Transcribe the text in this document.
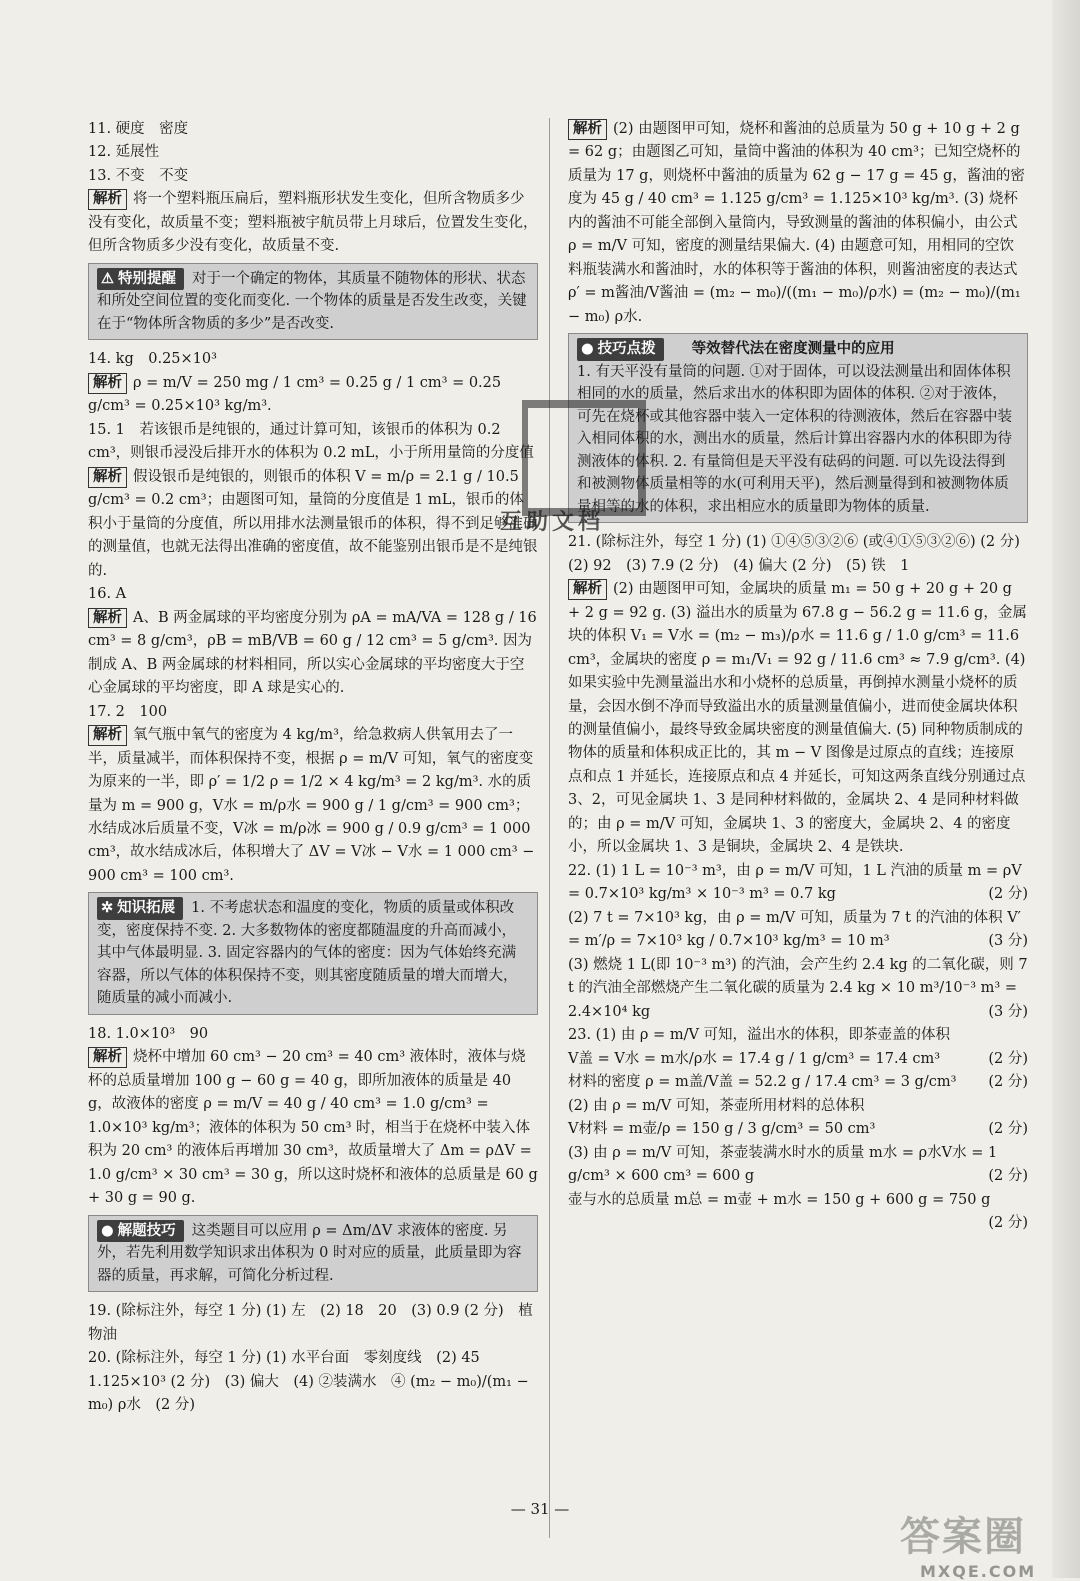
11. 硬度　密度

12. 延展性

13. 不变　不变

解析 将一个塑料瓶压扁后，塑料瓶形状发生变化，但所含物质多少没有变化，故质量不变；塑料瓶被宇航员带上月球后，位置发生变化，但所含物质多少没有变化，故质量不变.

⚠ 特别提醒 对于一个确定的物体，其质量不随物体的形状、状态和所处空间位置的变化而变化. 一个物体的质量是否发生改变，关键在于“物体所含物质的多少”是否改变.

14. kg　0.25×10³

解析 ρ = m/V = 250 mg / 1 cm³ = 0.25 g / 1 cm³ = 0.25 g/cm³ = 0.25×10³ kg/m³.

15. 1　若该银币是纯银的，通过计算可知，该银币的体积为 0.2 cm³，则银币浸没后排开水的体积为 0.2 mL，小于所用量筒的分度值

解析 假设银币是纯银的，则银币的体积 V = m/ρ = 2.1 g / 10.5 g/cm³ = 0.2 cm³；由题图可知，量筒的分度值是 1 mL，银币的体积小于量筒的分度值，所以用排水法测量银币的体积，得不到足够准确的测量值，也就无法得出准确的密度值，故不能鉴别出银币是不是纯银的.

16. A

解析 A、B 两金属球的平均密度分别为 ρA = mA/VA = 128 g / 16 cm³ = 8 g/cm³，ρB = mB/VB = 60 g / 12 cm³ = 5 g/cm³. 因为制成 A、B 两金属球的材料相同，所以实心金属球的平均密度大于空心金属球的平均密度，即 A 球是实心的.

17. 2　100

解析 氧气瓶中氧气的密度为 4 kg/m³，给急救病人供氧用去了一半，质量减半，而体积保持不变，根据 ρ = m/V 可知，氧气的密度变为原来的一半，即 ρ′ = 1/2 ρ = 1/2 × 4 kg/m³ = 2 kg/m³. 水的质量为 m = 900 g，V水 = m/ρ水 = 900 g / 1 g/cm³ = 900 cm³；水结成冰后质量不变，V冰 = m/ρ冰 = 900 g / 0.9 g/cm³ = 1 000 cm³，故水结成冰后，体积增大了 ΔV = V冰 − V水 = 1 000 cm³ − 900 cm³ = 100 cm³.

✲ 知识拓展 1. 不考虑状态和温度的变化，物质的质量或体积改变，密度保持不变. 2. 大多数物体的密度都随温度的升高而减小，其中气体最明显. 3. 固定容器内的气体的密度：因为气体始终充满容器，所以气体的体积保持不变，则其密度随质量的增大而增大，随质量的减小而减小.

18. 1.0×10³　90

解析 烧杯中增加 60 cm³ − 20 cm³ = 40 cm³ 液体时，液体与烧杯的总质量增加 100 g − 60 g = 40 g，即所加液体的质量是 40 g，故液体的密度 ρ = m/V = 40 g / 40 cm³ = 1.0 g/cm³ = 1.0×10³ kg/m³；液体的体积为 50 cm³ 时，相当于在烧杯中装入体积为 20 cm³ 的液体后再增加 30 cm³，故质量增大了 Δm = ρΔV = 1.0 g/cm³ × 30 cm³ = 30 g，所以这时烧杯和液体的总质量是 60 g + 30 g = 90 g.

● 解题技巧 这类题目可以应用 ρ = Δm/ΔV 求液体的密度. 另外，若先利用数学知识求出体积为 0 时对应的质量，此质量即为容器的质量，再求解，可简化分析过程.

19. (除标注外，每空 1 分) (1) 左　(2) 18　20　(3) 0.9 (2 分)　植物油

20. (除标注外，每空 1 分) (1) 水平台面　零刻度线　(2) 45　1.125×10³ (2 分)　(3) 偏大　(4) ②装满水　④ (m₂ − m₀)/(m₁ − m₀) ρ水　(2 分)

解析 (2) 由题图甲可知，烧杯和酱油的总质量为 50 g + 10 g + 2 g = 62 g；由题图乙可知，量筒中酱油的体积为 40 cm³；已知空烧杯的质量为 17 g，则烧杯中酱油的质量为 62 g − 17 g = 45 g，酱油的密度为 45 g / 40 cm³ = 1.125 g/cm³ = 1.125×10³ kg/m³. (3) 烧杯内的酱油不可能全部倒入量筒内，导致测量的酱油的体积偏小，由公式 ρ = m/V 可知，密度的测量结果偏大. (4) 由题意可知，用相同的空饮料瓶装满水和酱油时，水的体积等于酱油的体积，则酱油密度的表达式 ρ′ = m酱油/V酱油 = (m₂ − m₀)/((m₁ − m₀)/ρ水) = (m₂ − m₀)/(m₁ − m₀) ρ水.

● 技巧点拨 等效替代法在密度测量中的应用
1. 有天平没有量筒的问题. ①对于固体，可以设法测量出和固体体积相同的水的质量，然后求出水的体积即为固体的体积. ②对于液体，可先在烧杯或其他容器中装入一定体积的待测液体，然后在容器中装入相同体积的水，测出水的质量，然后计算出容器内水的体积即为待测液体的体积. 2. 有量筒但是天平没有砝码的问题. 可以先设法得到和被测物体质量相等的水(可利用天平)，然后测量得到和被测物体质量相等的水的体积，求出相应水的质量即为物体的质量.

21. (除标注外，每空 1 分) (1) ①④⑤③②⑥ (或④①⑤③②⑥) (2 分)　(2) 92　(3) 7.9 (2 分)　(4) 偏大 (2 分)　(5) 铁　1

解析 (2) 由题图甲可知，金属块的质量 m₁ = 50 g + 20 g + 20 g + 2 g = 92 g. (3) 溢出水的质量为 67.8 g − 56.2 g = 11.6 g，金属块的体积 V₁ = V水 = (m₂ − m₃)/ρ水 = 11.6 g / 1.0 g/cm³ = 11.6 cm³，金属块的密度 ρ = m₁/V₁ = 92 g / 11.6 cm³ ≈ 7.9 g/cm³. (4) 如果实验中先测量溢出水和小烧杯的总质量，再倒掉水测量小烧杯的质量，会因水倒不净而导致溢出水的质量测量值偏小，进而使金属块体积的测量值偏小，最终导致金属块密度的测量值偏大. (5) 同种物质制成的物体的质量和体积成正比的，其 m − V 图像是过原点的直线；连接原点和点 1 并延长，连接原点和点 4 并延长，可知这两条直线分别通过点 3、2，可见金属块 1、3 是同种材料做的，金属块 2、4 是同种材料做的；由 ρ = m/V 可知，金属块 1、3 的密度大，金属块 2、4 的密度小，所以金属块 1、3 是铜块，金属块 2、4 是铁块.

22. (1) 1 L = 10⁻³ m³，由 ρ = m/V 可知，1 L 汽油的质量 m = ρV = 0.7×10³ kg/m³ × 10⁻³ m³ = 0.7 kg	(2 分)

(2) 7 t = 7×10³ kg，由 ρ = m/V 可知，质量为 7 t 的汽油的体积 V′ = m′/ρ = 7×10³ kg / 0.7×10³ kg/m³ = 10 m³	(3 分)

(3) 燃烧 1 L(即 10⁻³ m³) 的汽油，会产生约 2.4 kg 的二氧化碳，则 7 t 的汽油全部燃烧产生二氧化碳的质量为 2.4 kg × 10 m³/10⁻³ m³ = 2.4×10⁴ kg	(3 分)

23. (1) 由 ρ = m/V 可知，溢出水的体积，即茶壶盖的体积

V盖 = V水 = m水/ρ水 = 17.4 g / 1 g/cm³ = 17.4 cm³	(2 分)

材料的密度 ρ = m盖/V盖 = 52.2 g / 17.4 cm³ = 3 g/cm³ (2 分)

(2) 由 ρ = m/V 可知，茶壶所用材料的总体积

V材料 = m壶/ρ = 150 g / 3 g/cm³ = 50 cm³	(2 分)

(3) 由 ρ = m/V 可知，茶壶装满水时水的质量 m水 = ρ水V水 = 1 g/cm³ × 600 cm³ = 600 g	(2 分)

壶与水的总质量 m总 = m壶 + m水 = 150 g + 600 g = 750 g
(2 分)

互助文档
— 31 —
答案圈
MXQE.COM
